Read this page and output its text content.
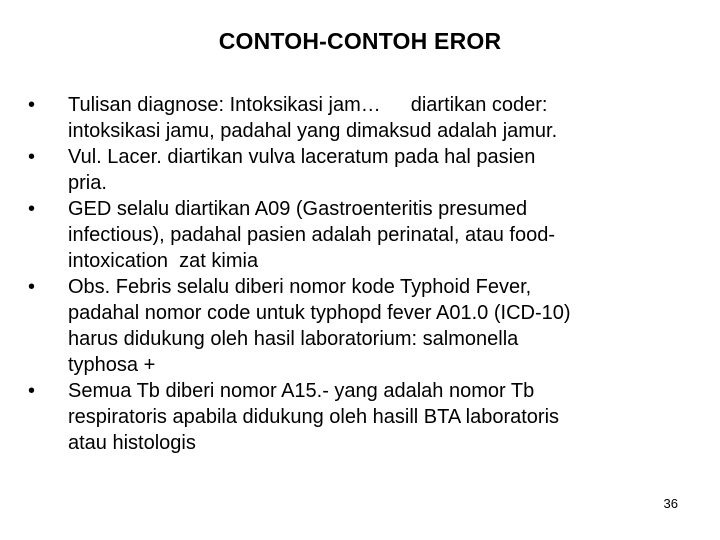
CONTOH-CONTOH EROR
•	Tulisan diagnose: Intoksikasi jam… diartikan coder:
intoksikasi jamu, padahal yang dimaksud adalah jamur.
•	Vul. Lacer. diartikan vulva laceratum pada hal pasien
pria.
•	GED selalu diartikan A09 (Gastroenteritis presumed
infectious), padahal pasien adalah perinatal, atau food-
intoxication  zat kimia
•	Obs. Febris selalu diberi nomor kode Typhoid Fever,
padahal nomor code untuk typhopd fever A01.0 (ICD-10)
harus didukung oleh hasil laboratorium: salmonella
typhosa +
•	Semua Tb diberi nomor A15.- yang adalah nomor Tb
respiratoris apabila didukung oleh hasill BTA laboratoris
atau histologis
36
